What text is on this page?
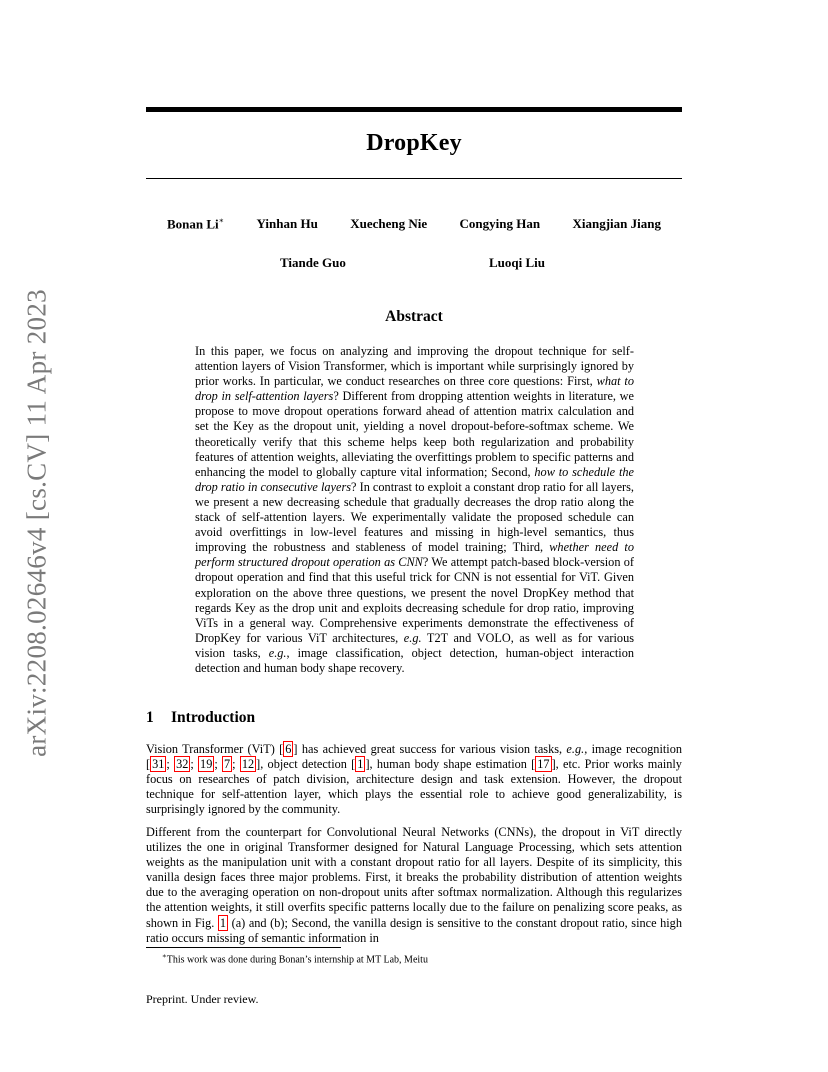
arXiv:2208.02646v4 [cs.CV] 11 Apr 2023
DropKey
Bonan Li∗ Yinhan Hu Xuecheng Nie Congying Han Xiangjian Jiang
Tiande Guo	Luoqi Liu
Abstract

In this paper, we focus on analyzing and improving the dropout technique for self-attention layers of Vision Transformer, which is important while surprisingly ignored by prior works. In particular, we conduct researches on three core questions: First, what to drop in self-attention layers? Different from dropping attention weights in literature, we propose to move dropout operations forward ahead of attention matrix calculation and set the Key as the dropout unit, yielding a novel dropout-before-softmax scheme. We theoretically verify that this scheme helps keep both regularization and probability features of attention weights, alleviating the overfittings problem to specific patterns and enhancing the model to globally capture vital information; Second, how to schedule the drop ratio in consecutive layers? In contrast to exploit a constant drop ratio for all layers, we present a new decreasing schedule that gradually decreases the drop ratio along the stack of self-attention layers. We experimentally validate the proposed schedule can avoid overfittings in low-level features and missing in high-level semantics, thus improving the robustness and stableness of model training; Third, whether need to perform structured dropout operation as CNN? We attempt patch-based block-version of dropout operation and find that this useful trick for CNN is not essential for ViT. Given exploration on the above three questions, we present the novel DropKey method that regards Key as the drop unit and exploits decreasing schedule for drop ratio, improving ViTs in a general way. Comprehensive experiments demonstrate the effectiveness of DropKey for various ViT architectures, e.g. T2T and VOLO, as well as for various vision tasks, e.g., image classification, object detection, human-object interaction detection and human body shape recovery.

1 Introduction

Vision Transformer (ViT) [ 6 ] has achieved great success for various vision tasks, e.g., image recognition [ 31 ; 32 ; 19 ; 7 ; 12 ], object detection [ 1 ], human body shape estimation [ 17 ], etc. Prior works mainly focus on researches of patch division, architecture design and task extension. However, the dropout technique for self-attention layer, which plays the essential role to achieve good generalizability, is surprisingly ignored by the community.

Different from the counterpart for Convolutional Neural Networks (CNNs), the dropout in ViT directly utilizes the one in original Transformer designed for Natural Language Processing, which sets attention weights as the manipulation unit with a constant dropout ratio for all layers. Despite of its simplicity, this vanilla design faces three major problems. First, it breaks the probability distribution of attention weights due to the averaging operation on non-dropout units after softmax normalization. Although this regularizes the attention weights, it still overfits specific patterns locally due to the failure on penalizing score peaks, as shown in Fig. 1 (a) and (b); Second, the vanilla design is sensitive to the constant dropout ratio, since high ratio occurs missing of semantic information in

∗This work was done during Bonan’s internship at MT Lab, Meitu
Preprint. Under review.
